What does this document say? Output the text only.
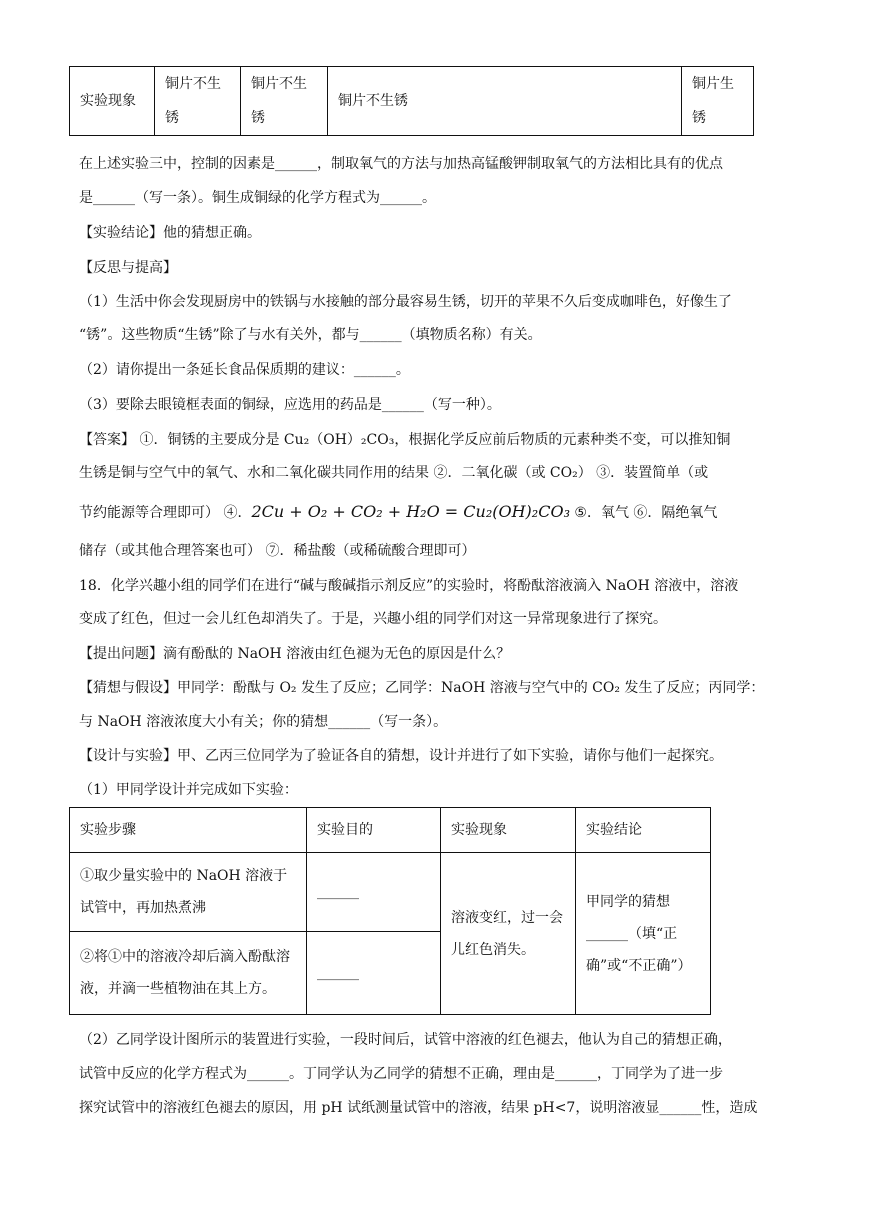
实验现象	铜片不生锈	铜片不生锈	铜片不生锈	铜片生锈
在上述实验三中，控制的因素是______，制取氧气的方法与加热高锰酸钾制取氧气的方法相比具有的优点
是______（写一条）。铜生成铜绿的化学方程式为______。
【实验结论】他的猜想正确。
【反思与提高】
（1）生活中你会发现厨房中的铁锅与水接触的部分最容易生锈，切开的苹果不久后变成咖啡色，好像生了
“锈”。这些物质“生锈”除了与水有关外，都与______（填物质名称）有关。
（2）请你提出一条延长食品保质期的建议：______。
（3）要除去眼镜框表面的铜绿，应选用的药品是______（写一种）。
【答案】 ①．铜锈的主要成分是 Cu₂（OH）₂CO₃，根据化学反应前后物质的元素种类不变，可以推知铜
生锈是铜与空气中的氧气、水和二氧化碳共同作用的结果 ②．二氧化碳（或 CO₂） ③．装置简单（或
节约能源等合理即可） ④．2Cu + O₂ + CO₂ + H₂O = Cu₂(OH)₂CO₃ ⑤．氧气 ⑥．隔绝氧气
储存（或其他合理答案也可） ⑦．稀盐酸（或稀硫酸合理即可）
18．化学兴趣小组的同学们在进行“碱与酸碱指示剂反应”的实验时，将酚酞溶液滴入 NaOH 溶液中，溶液
变成了红色，但过一会儿红色却消失了。于是，兴趣小组的同学们对这一异常现象进行了探究。
【提出问题】滴有酚酞的 NaOH 溶液由红色褪为无色的原因是什么？
【猜想与假设】甲同学：酚酞与 O₂ 发生了反应；乙同学：NaOH 溶液与空气中的 CO₂ 发生了反应；丙同学：
与 NaOH 溶液浓度大小有关；你的猜想______（写一条）。
【设计与实验】甲、乙丙三位同学为了验证各自的猜想，设计并进行了如下实验，请你与他们一起探究。
（1）甲同学设计并完成如下实验：
实验步骤	实验目的	实验现象	实验结论
①取少量实验中的 NaOH 溶液于试管中，再加热煮沸	______	溶液变红，过一会儿红色消失。	甲同学的猜想______（填“正确”或“不正确”）
②将①中的溶液冷却后滴入酚酞溶液，并滴一些植物油在其上方。	______		
（2）乙同学设计图所示的装置进行实验，一段时间后，试管中溶液的红色褪去，他认为自己的猜想正确，
试管中反应的化学方程式为______。丁同学认为乙同学的猜想不正确，理由是______，丁同学为了进一步
探究试管中的溶液红色褪去的原因，用 pH 试纸测量试管中的溶液，结果 pH<7，说明溶液显______性，造成
